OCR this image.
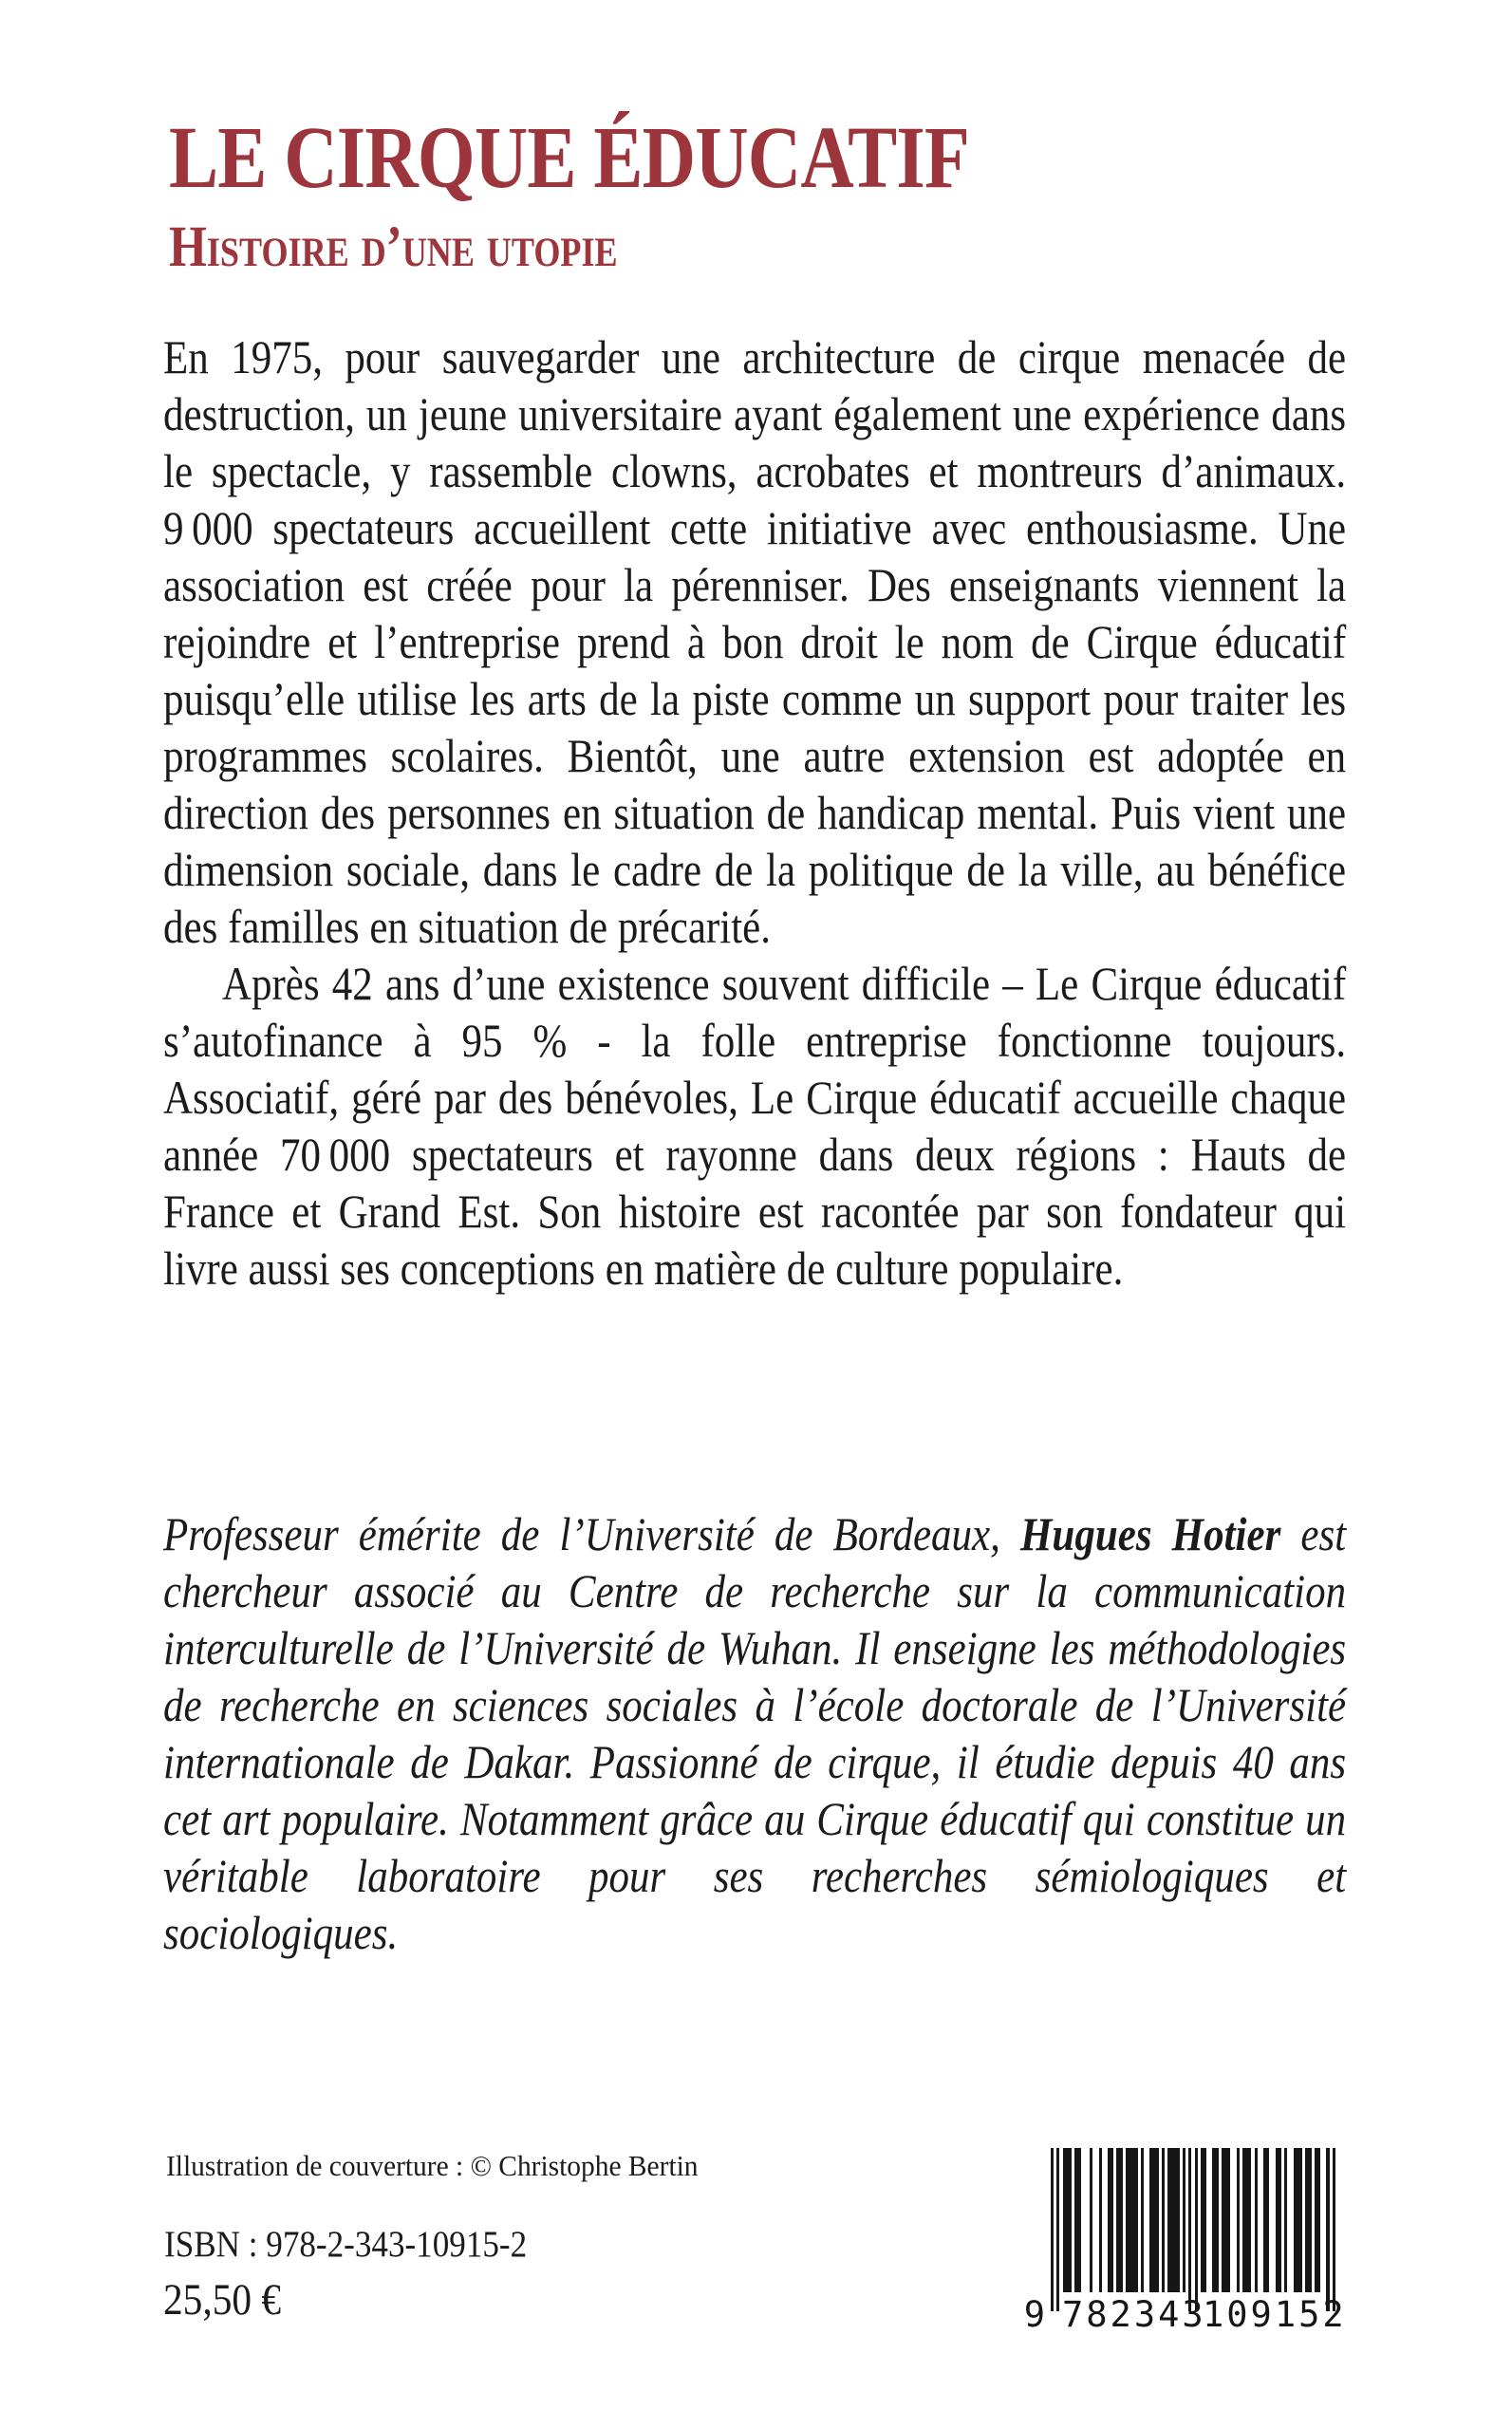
LE CIRQUE ÉDUCATIF
Histoire d’une utopie

En 1975, pour sauvegarder une architecture de cirque menacée de destruction, un jeune universitaire ayant également une expérience dans le spectacle, y rassemble clowns, acrobates et montreurs d’animaux. 9 000 spectateurs accueillent cette initiative avec enthousiasme. Une association est créée pour la pérenniser. Des enseignants viennent la rejoindre et l’entreprise prend à bon droit le nom de Cirque éducatif puisqu’elle utilise les arts de la piste comme un support pour traiter les programmes scolaires. Bientôt, une autre extension est adoptée en direction des personnes en situation de handicap mental. Puis vient une dimension sociale, dans le cadre de la politique de la ville, au bénéfice des familles en situation de précarité.

Après 42 ans d’une existence souvent difficile – Le Cirque éducatif s’autofinance à 95 % - la folle entreprise fonctionne toujours. Associatif, géré par des bénévoles, Le Cirque éducatif accueille chaque année 70 000 spectateurs et rayonne dans deux régions : Hauts de France et Grand Est. Son histoire est racontée par son fondateur qui livre aussi ses conceptions en matière de culture populaire.

Professeur émérite de l’Université de Bordeaux, Hugues Hotier est chercheur associé au Centre de recherche sur la communication interculturelle de l’Université de Wuhan. Il enseigne les méthodologies de recherche en sciences sociales à l’école doctorale de l’Université internationale de Dakar. Passionné de cirque, il étudie depuis 40 ans cet art populaire. Notamment grâce au Cirque éducatif qui constitue un véritable laboratoire pour ses recherches sémiologiques et sociologiques.

Illustration de couverture : © Christophe Bertin
ISBN : 978-2-343-10915-2
25,50 €	9 782343
109152
